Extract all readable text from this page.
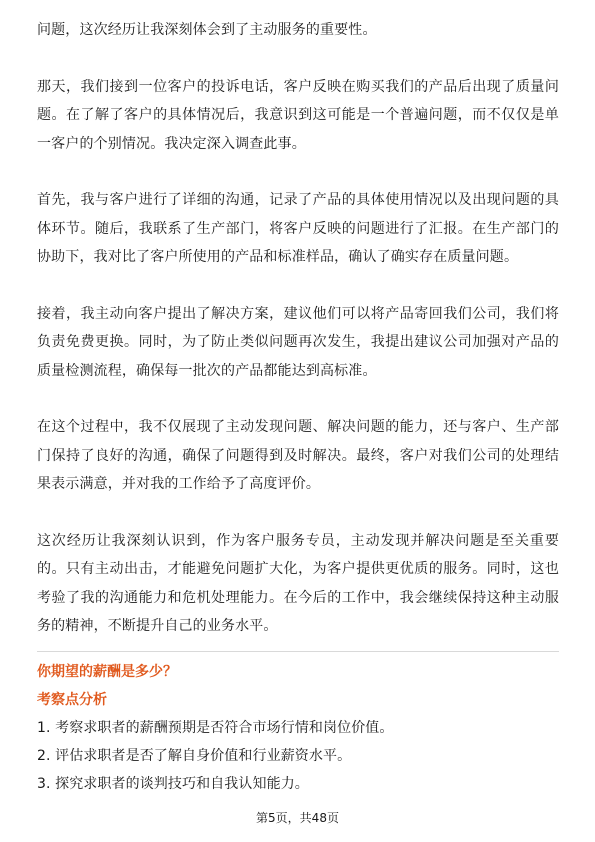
问题，这次经历让我深刻体会到了主动服务的重要性。

那天，我们接到一位客户的投诉电话，客户反映在购买我们的产品后出现了质量问题。在了解了客户的具体情况后，我意识到这可能是一个普遍问题，而不仅仅是单一客户的个别情况。我决定深入调查此事。

首先，我与客户进行了详细的沟通，记录了产品的具体使用情况以及出现问题的具体环节。随后，我联系了生产部门，将客户反映的问题进行了汇报。在生产部门的协助下，我对比了客户所使用的产品和标准样品，确认了确实存在质量问题。

接着，我主动向客户提出了解决方案，建议他们可以将产品寄回我们公司，我们将负责免费更换。同时，为了防止类似问题再次发生，我提出建议公司加强对产品的质量检测流程，确保每一批次的产品都能达到高标准。

在这个过程中，我不仅展现了主动发现问题、解决问题的能力，还与客户、生产部门保持了良好的沟通，确保了问题得到及时解决。最终，客户对我们公司的处理结果表示满意，并对我的工作给予了高度评价。

这次经历让我深刻认识到，作为客户服务专员，主动发现并解决问题是至关重要的。只有主动出击，才能避免问题扩大化，为客户提供更优质的服务。同时，这也考验了我的沟通能力和危机处理能力。在今后的工作中，我会继续保持这种主动服务的精神，不断提升自己的业务水平。

你期望的薪酬是多少？
考察点分析
1. 考察求职者的薪酬预期是否符合市场行情和岗位价值。
2. 评估求职者是否了解自身价值和行业薪资水平。
3. 探究求职者的谈判技巧和自我认知能力。
第5页，共48页
